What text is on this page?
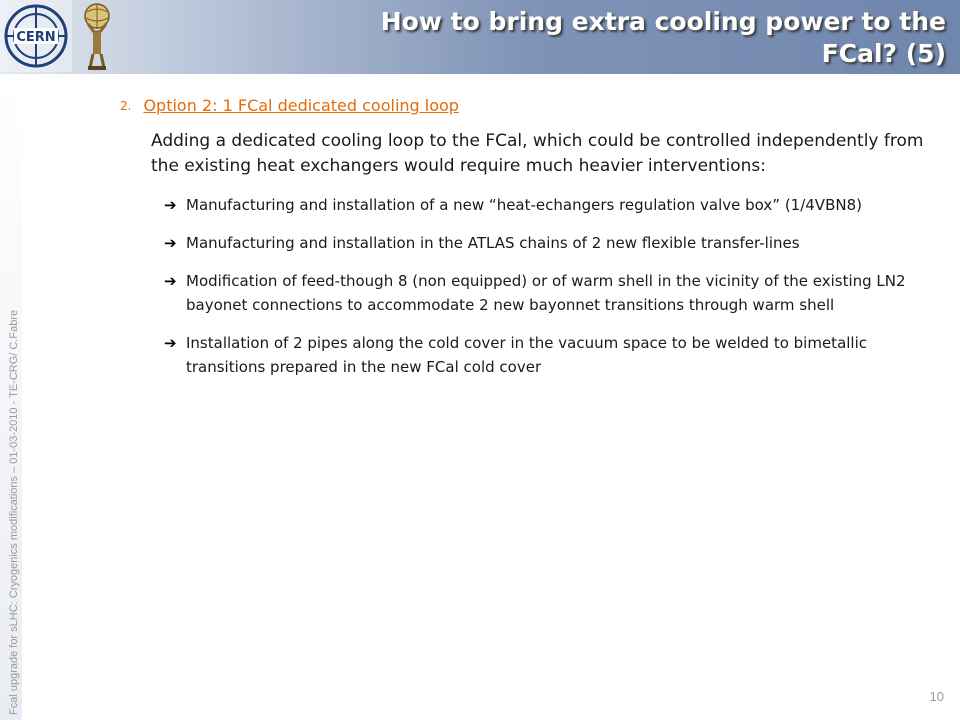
CERN
How to bring extra cooling power to the
FCal? (5)
Fcal upgrade for sLHC: Cryogenics modifications – 01-03-2010 - TE-CRG/ C.Fabre
2. Option 2: 1 FCal dedicated cooling loop
Adding a dedicated cooling loop to the FCal, which could be controlled independently from the existing heat exchangers would require much heavier interventions:
➔ Manufacturing and installation of a new “heat-echangers regulation valve box” (1/4VBN8)
➔ Manufacturing and installation in the ATLAS chains of 2 new flexible transfer-lines
➔ Modification of feed-though 8 (non equipped) or of warm shell in the vicinity of the existing LN2 bayonet connections to accommodate 2 new bayonnet transitions through warm shell
➔ Installation of 2 pipes along the cold cover in the vacuum space to be welded to bimetallic transitions prepared in the new FCal cold cover
10
